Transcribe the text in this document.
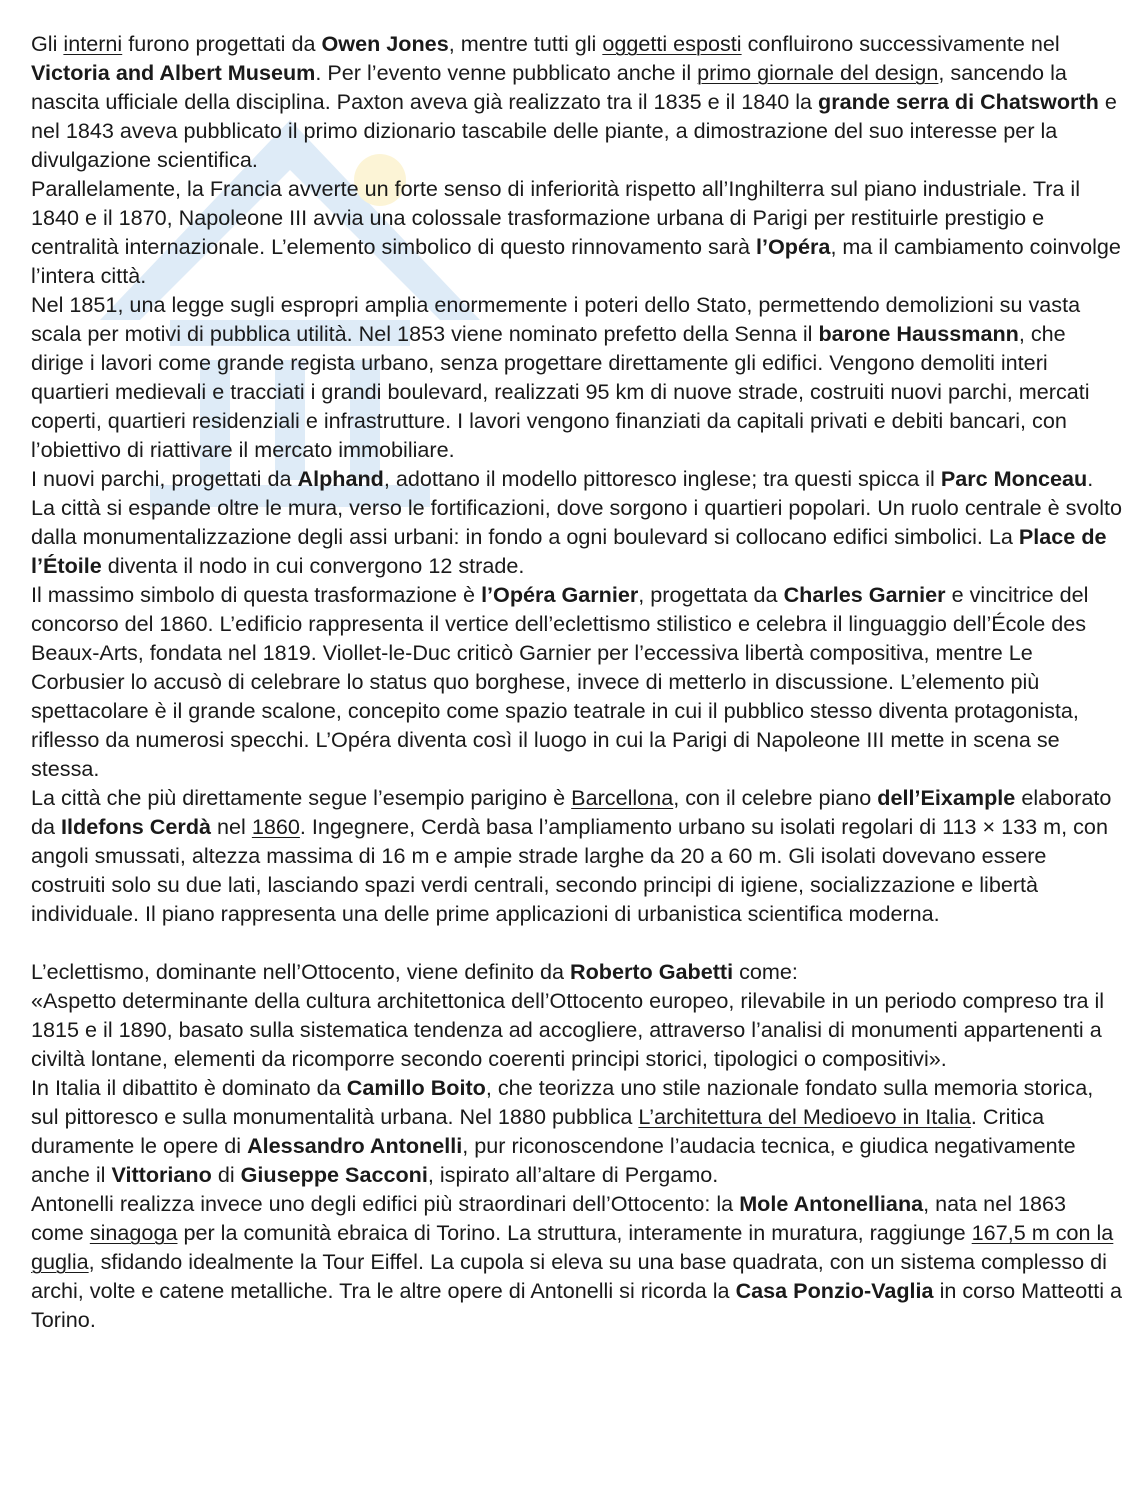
Gli interni furono progettati da Owen Jones, mentre tutti gli oggetti esposti confluirono successivamente nel Victoria and Albert Museum. Per l’evento venne pubblicato anche il primo giornale del design, sancendo la nascita ufficiale della disciplina. Paxton aveva già realizzato tra il 1835 e il 1840 la grande serra di Chatsworth e nel 1843 aveva pubblicato il primo dizionario tascabile delle piante, a dimostrazione del suo interesse per la divulgazione scientifica.

Parallelamente, la Francia avverte un forte senso di inferiorità rispetto all’Inghilterra sul piano industriale. Tra il 1840 e il 1870, Napoleone III avvia una colossale trasformazione urbana di Parigi per restituirle prestigio e centralità internazionale. L’elemento simbolico di questo rinnovamento sarà l’Opéra, ma il cambiamento coinvolge l’intera città.

Nel 1851, una legge sugli espropri amplia enormemente i poteri dello Stato, permettendo demolizioni su vasta scala per motivi di pubblica utilità. Nel 1853 viene nominato prefetto della Senna il barone Haussmann, che dirige i lavori come grande regista urbano, senza progettare direttamente gli edifici. Vengono demoliti interi quartieri medievali e tracciati i grandi boulevard, realizzati 95 km di nuove strade, costruiti nuovi parchi, mercati coperti, quartieri residenziali e infrastrutture. I lavori vengono finanziati da capitali privati e debiti bancari, con l’obiettivo di riattivare il mercato immobiliare.

I nuovi parchi, progettati da Alphand, adottano il modello pittoresco inglese; tra questi spicca il Parc Monceau. La città si espande oltre le mura, verso le fortificazioni, dove sorgono i quartieri popolari. Un ruolo centrale è svolto dalla monumentalizzazione degli assi urbani: in fondo a ogni boulevard si collocano edifici simbolici. La Place de l’Étoile diventa il nodo in cui convergono 12 strade.

Il massimo simbolo di questa trasformazione è l’Opéra Garnier, progettata da Charles Garnier e vincitrice del concorso del 1860. L’edificio rappresenta il vertice dell’eclettismo stilistico e celebra il linguaggio dell’École des Beaux-Arts, fondata nel 1819. Viollet-le-Duc criticò Garnier per l’eccessiva libertà compositiva, mentre Le Corbusier lo accusò di celebrare lo status quo borghese, invece di metterlo in discussione. L’elemento più spettacolare è il grande scalone, concepito come spazio teatrale in cui il pubblico stesso diventa protagonista, riflesso da numerosi specchi. L’Opéra diventa così il luogo in cui la Parigi di Napoleone III mette in scena se stessa.

La città che più direttamente segue l’esempio parigino è Barcellona, con il celebre piano dell’Eixample elaborato da Ildefons Cerdà nel 1860. Ingegnere, Cerdà basa l’ampliamento urbano su isolati regolari di 113 × 133 m, con angoli smussati, altezza massima di 16 m e ampie strade larghe da 20 a 60 m. Gli isolati dovevano essere costruiti solo su due lati, lasciando spazi verdi centrali, secondo principi di igiene, socializzazione e libertà individuale. Il piano rappresenta una delle prime applicazioni di urbanistica scientifica moderna.

L’eclettismo, dominante nell’Ottocento, viene definito da Roberto Gabetti come:

«Aspetto determinante della cultura architettonica dell’Ottocento europeo, rilevabile in un periodo compreso tra il 1815 e il 1890, basato sulla sistematica tendenza ad accogliere, attraverso l’analisi di monumenti appartenenti a civiltà lontane, elementi da ricomporre secondo coerenti principi storici, tipologici o compositivi».

In Italia il dibattito è dominato da Camillo Boito, che teorizza uno stile nazionale fondato sulla memoria storica, sul pittoresco e sulla monumentalità urbana. Nel 1880 pubblica L’architettura del Medioevo in Italia. Critica duramente le opere di Alessandro Antonelli, pur riconoscendone l’audacia tecnica, e giudica negativamente anche il Vittoriano di Giuseppe Sacconi, ispirato all’altare di Pergamo.

Antonelli realizza invece uno degli edifici più straordinari dell’Ottocento: la Mole Antonelliana, nata nel 1863 come sinagoga per la comunità ebraica di Torino. La struttura, interamente in muratura, raggiunge 167,5 m con la guglia, sfidando idealmente la Tour Eiffel. La cupola si eleva su una base quadrata, con un sistema complesso di archi, volte e catene metalliche. Tra le altre opere di Antonelli si ricorda la Casa Ponzio-Vaglia in corso Matteotti a Torino.
